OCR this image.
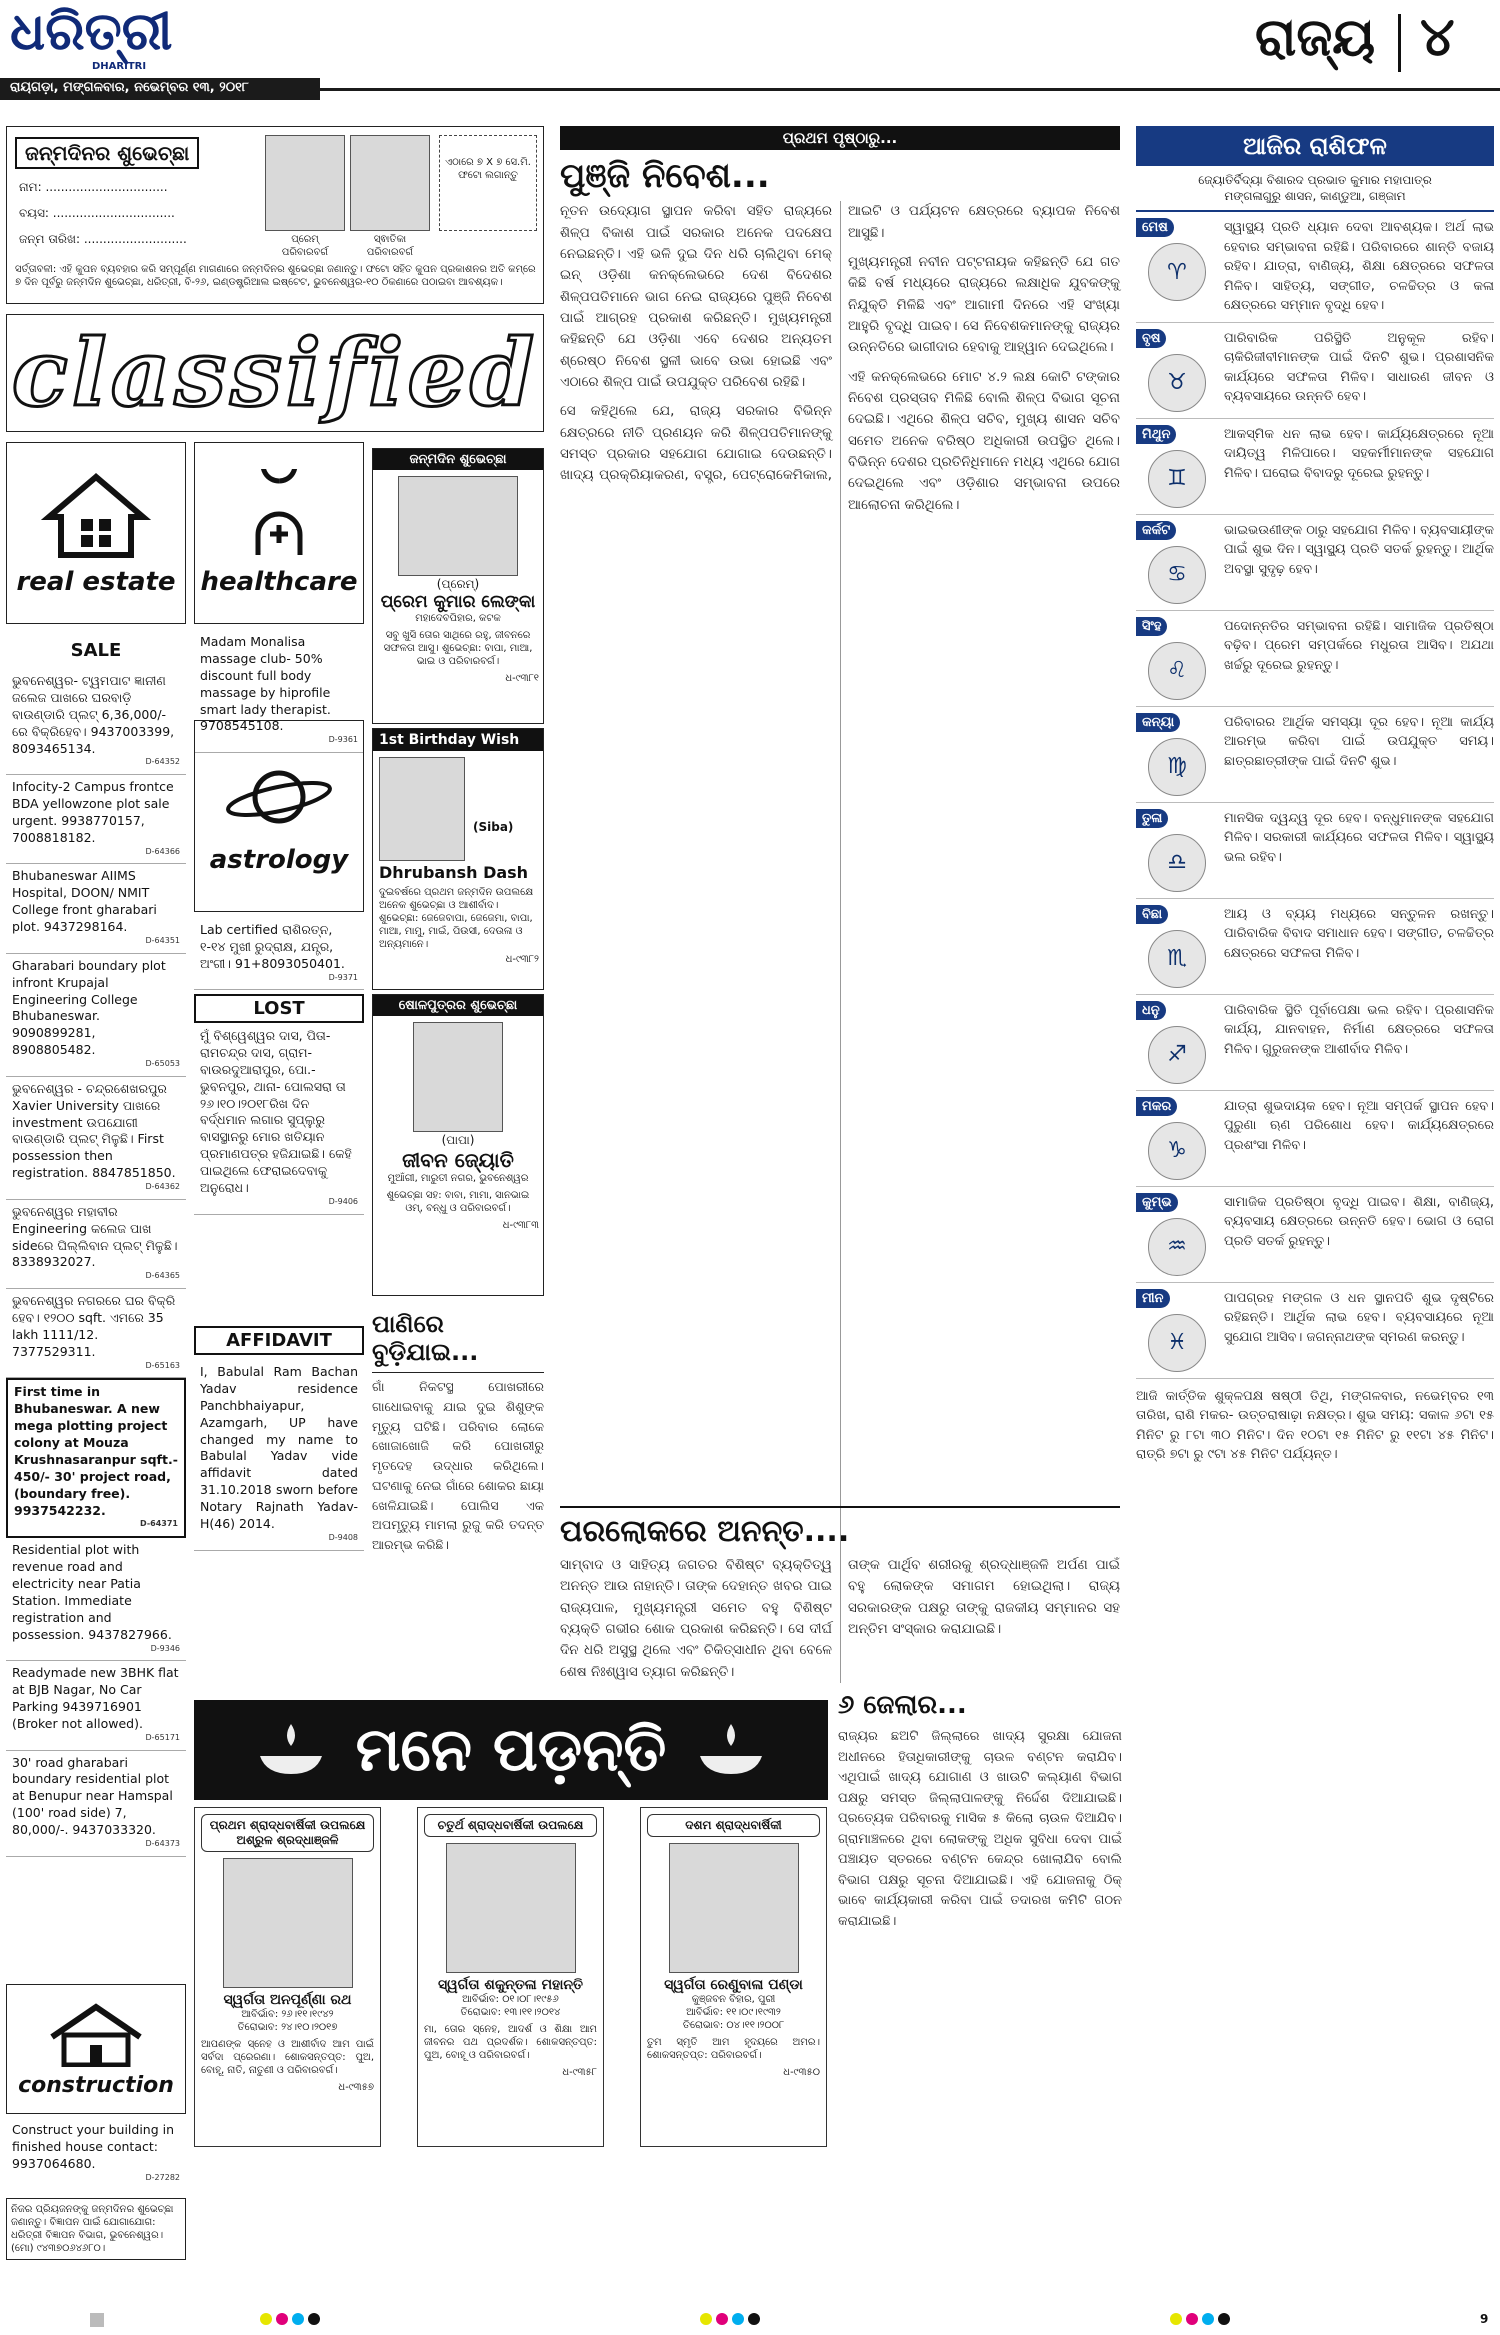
ଧରିତ୍ରୀ
DHARITRI
ରାୟଗଡ଼ା, ମଙ୍ଗଳବାର, ନଭେମ୍ବର ୧୩, ୨୦୧୮
ରାଜ୍ୟ ୪
ଜନ୍ମଦିନର ଶୁଭେଚ୍ଛା
ନାମ: ................................
ବୟସ: ................................
ଜନ୍ମ ତାରିଖ: ...........................	ପ୍ରେମ୍
ପରିବାରବର୍ଗ
ସ୍ଵାତିକା
ପରିବାରବର୍ଗ
ଏଠାରେ ୭ X ୭ ସେ.ମି. ଫଟୋ ଲଗାନ୍ତୁ
ସର୍ତ୍ତାବଳୀ: ଏହି କୁପନ ବ୍ୟବହାର କରି ସମ୍ପୂର୍ଣ୍ଣ ମାଗଣାରେ ଜନ୍ମଦିନର ଶୁଭେଚ୍ଛା ଜଣାନ୍ତୁ। ଫଟୋ ସହିତ କୁପନ ପ୍ରକାଶନର ଅତି କମ୍‌ରେ ୭ ଦିନ ପୂର୍ବରୁ ଜନ୍ମଦିନ ଶୁଭେଚ୍ଛା, ଧରିତ୍ରୀ, ବି-୨୬, ଇଣ୍ଡଷ୍ଟ୍ରିଆଲ ଇଷ୍ଟେଟ, ଭୁବନେଶ୍ୱର-୧୦ ଠିକଣାରେ ପଠାଇବା ଆବଶ୍ୟକ।
classified
real estate healthcare
SALE
ଭୁବନେଶ୍ୱର- ଟ୍ୱମପାଟ ଜ୍ଞାନୀଣ ଜଲେଜ ପାଖରେ ଘରବାଡ଼ି ବାଉଣ୍ଡାରି ପ୍ଲଟ୍ 6,36,000/-ରେ ବିକ୍ରିହେବ। 9437003399, 8093465134.
D-64352
Infocity-2 Campus frontce BDA yellowzone plot sale urgent. 9938770157, 7008818182.
D-64366
Bhubaneswar AIIMS Hospital, DOON/ NMIT College front gharabari plot. 9437298164.
D-64351
Gharabari boundary plot infront Krupajal Engineering College Bhubaneswar. 9090899281, 8908805482.
D-65053
ଭୁବନେଶ୍ୱର - ଚନ୍ଦ୍ରଶେଖରପୁର Xavier University ପାଖରେ investment ଉପଯୋଗୀ ବାଉଣ୍ଡାରି ପ୍ଲଟ୍ ମିଳୁଛି। First possession then registration. 8847851850.
D-64362
ଭୁବନେଶ୍ୱର ମହାବୀର Engineering କଲେଜ ପାଖ sideରେ ଘିଲ୍ଲିବାନ ପ୍ଲଟ୍ ମିଳୁଛି। 8338932027.
D-64365
ଭୁବନେଶ୍ୱର ନଗରରେ ଘର ବିକ୍ରି ହେବ। ୧୨୦୦ sqft. ଏମରେ 35 lakh 1111/12. 7377529311.
D-65163
First time in Bhubaneswar. A new mega plotting project colony at Mouza Krushnasaranpur sqft.- 450/- 30' project road, (boundary free). 9937542232.
D-64371
Residential plot with revenue road and electricity near Patia Station. Immediate registration and possession. 9437827966.
D-9346
Readymade new 3BHK flat at BJB Nagar, No Car Parking 9439716901 (Broker not allowed).
D-65171
30' road gharabari boundary residential plot at Benupur near Hamspal (100' road side) 7, 80,000/-. 9437033320.
D-64373
construction
Construct your building in finished house contact: 9937064680.
D-27282
ନିଜର ପ୍ରିୟଜନଙ୍କୁ ଜନ୍ମଦିନର ଶୁଭେଚ୍ଛା ଜଣାନ୍ତୁ। ବିଜ୍ଞାପନ ପାଇଁ ଯୋଗାଯୋଗ: ଧରିତ୍ରୀ ବିଜ୍ଞାପନ ବିଭାଗ, ଭୁବନେଶ୍ୱର। (ମୋ) ୯୪୩୭୦୬୪୬୮୦।
Madam Monalisa massage club- 50% discount full body massage by hiprofile smart lady therapist. 9708545108.
D-9361
astrology
Lab certified ରାଶିରତ୍ନ, ୧-୧୪ ମୁଖୀ ରୁଦ୍ରାକ୍ଷ, ଯନ୍ତ୍ର, ଅଂଗୀ। 91+8093050401.
D-9371
LOST
ମୁଁ ବିଶ୍ୱେଶ୍ୱର ଦାସ, ପିତା- ରାମଚନ୍ଦ୍ର ଦାସ, ଗ୍ରାମ- ବାଉରଦୁଆରାପୁର, ପୋ.- ଭୁବନପୁର, ଥାନା- ପୋଲସରା ତା ୨୬।୧୦।୨୦୧୮ରିଖ ଦିନ ବର୍ଦ୍ଧମାନ ଲଗାର ସୁପ୍ଲୁରୁ ବାସସ୍ଥାନରୁ ମୋର ଖତିୟାନ ପ୍ରମାଣପତ୍ର ହଜିଯାଇଛି। କେହି ପାଇଥିଲେ ଫେରାଇଦେବାକୁ ଅନୁରୋଧ।
D-9406
AFFIDAVIT
I, Babulal Ram Bachan Yadav residence Panchbhaiyapur, Azamgarh, UP have changed my name to Babulal Yadav vide affidavit dated 31.10.2018 sworn before Notary Rajnath Yadav- H(46) 2014.
D-9408
ଜନ୍ମଦିନ ଶୁଭେଚ୍ଛା
(ପ୍ରେମ୍)
ପ୍ରେମ କୁମାର ଲେଙ୍କା
ମହାଦେବପିହାର, କଟକ
ସବୁ ଖୁସି ତୋର ସାଥିରେ ରହୁ, ଜୀବନରେ ସଫଳତା ଆସୁ। ଶୁଭେଚ୍ଛା: ବାପା, ମାଆ, ଭାଇ ଓ ପରିବାରବର୍ଗ।
ଧ-୯୩୮୧
1st Birthday Wish
(Siba)
Dhrubansh Dash
ଦୁଇବର୍ଷରେ ପ୍ରଥମ ଜନ୍ମଦିନ ଉପଲକ୍ଷେ ଅନେକ ଶୁଭେଚ୍ଛା ଓ ଆଶୀର୍ବାଦ। ଶୁଭେଚ୍ଛା: ଜେଜେବାପା, ଜେଜେମା, ବାପା, ମାଆ, ମାମୁ, ମାଇଁ, ପିଉସୀ, ଦେଉଳା ଓ ଅନ୍ୟମାନେ।
ଧ-୯୩୮୨
ଷୋଳପୁତ୍ରର ଶୁଭେଚ୍ଛା
(ପାପା)
ଜୀବନ ଜ୍ୟୋତି
ମୁଆଁଗୀ, ମାରୁତୀ ନଗର, ଭୁବନେଶ୍ୱର
ଶୁଭେଚ୍ଛା ସହ: ବାବା, ମାମା, ସାନଭାଇ ଓମ୍, ବନ୍ଧୁ ଓ ପରିବାରବର୍ଗ।
ଧ-୯୩୮୩
ପାଣିରେ ବୁଡ଼ିଯାଇ...
ଗାଁ ନିକଟସ୍ଥ ପୋଖରୀରେ ଗାଧୋଇବାକୁ ଯାଇ ଦୁଇ ଶିଶୁଙ୍କ ମୃତ୍ୟୁ ଘଟିଛି। ପରିବାର ଲୋକେ ଖୋଜାଖୋଜି କରି ପୋଖରୀରୁ ମୃତଦେହ ଉଦ୍ଧାର କରିଥିଲେ। ଘଟଣାକୁ ନେଇ ଗାଁରେ ଶୋକର ଛାୟା ଖେଳିଯାଇଛି। ପୋଲିସ ଏକ ଅପମୃତ୍ୟୁ ମାମଲା ରୁଜୁ କରି ତଦନ୍ତ ଆରମ୍ଭ କରିଛି।
ପ୍ରଥମ ପୃଷ୍ଠାରୁ...
ପୁଞ୍ଜି ନିବେଶ...

ନୂତନ ଉଦ୍ୟୋଗ ସ୍ଥାପନ କରିବା ସହିତ ରାଜ୍ୟରେ ଶିଳ୍ପ ବିକାଶ ପାଇଁ ସରକାର ଅନେକ ପଦକ୍ଷେପ ନେଇଛନ୍ତି। ଏହି ଭଳି ଦୁଇ ଦିନ ଧରି ଚାଲିଥିବା ମେକ୍ ଇନ୍ ଓଡ଼ିଶା କନକ୍ଲେଭରେ ଦେଶ ବିଦେଶର ଶିଳ୍ପପତିମାନେ ଭାଗ ନେଇ ରାଜ୍ୟରେ ପୁଞ୍ଜି ନିବେଶ ପାଇଁ ଆଗ୍ରହ ପ୍ରକାଶ କରିଛନ୍ତି। ମୁଖ୍ୟମନ୍ତ୍ରୀ କହିଛନ୍ତି ଯେ ଓଡ଼ିଶା ଏବେ ଦେଶର ଅନ୍ୟତମ ଶ୍ରେଷ୍ଠ ନିବେଶ ସ୍ଥଳୀ ଭାବେ ଉଭା ହୋଇଛି ଏବଂ ଏଠାରେ ଶିଳ୍ପ ପାଇଁ ଉପଯୁକ୍ତ ପରିବେଶ ରହିଛି।

ସେ କହିଥିଲେ ଯେ, ରାଜ୍ୟ ସରକାର ବିଭିନ୍ନ କ୍ଷେତ୍ରରେ ନୀତି ପ୍ରଣୟନ କରି ଶିଳ୍ପପତିମାନଙ୍କୁ ସମସ୍ତ ପ୍ରକାର ସହଯୋଗ ଯୋଗାଇ ଦେଉଛନ୍ତି। ଖାଦ୍ୟ ପ୍ରକ୍ରିୟାକରଣ, ବସ୍ତ୍ର, ପେଟ୍ରୋକେମିକାଲ, ଆଇଟି ଓ ପର୍ଯ୍ୟଟନ କ୍ଷେତ୍ରରେ ବ୍ୟାପକ ନିବେଶ ଆସୁଛି।

ମୁଖ୍ୟମନ୍ତ୍ରୀ ନବୀନ ପଟ୍ଟନାୟକ କହିଛନ୍ତି ଯେ ଗତ କିଛି ବର୍ଷ ମଧ୍ୟରେ ରାଜ୍ୟରେ ଲକ୍ଷାଧିକ ଯୁବକଙ୍କୁ ନିଯୁକ୍ତି ମିଳିଛି ଏବଂ ଆଗାମୀ ଦିନରେ ଏହି ସଂଖ୍ୟା ଆହୁରି ବୃଦ୍ଧି ପାଇବ। ସେ ନିବେଶକମାନଙ୍କୁ ରାଜ୍ୟର ଉନ୍ନତିରେ ଭାଗୀଦାର ହେବାକୁ ଆହ୍ୱାନ ଦେଇଥିଲେ।

ଏହି କନକ୍ଲେଭରେ ମୋଟ ୪.୨ ଲକ୍ଷ କୋଟି ଟଙ୍କାର ନିବେଶ ପ୍ରସ୍ତାବ ମିଳିଛି ବୋଲି ଶିଳ୍ପ ବିଭାଗ ସୂଚନା ଦେଇଛି। ଏଥିରେ ଶିଳ୍ପ ସଚିବ, ମୁଖ୍ୟ ଶାସନ ସଚିବ ସମେତ ଅନେକ ବରିଷ୍ଠ ଅଧିକାରୀ ଉପସ୍ଥିତ ଥିଲେ। ବିଭିନ୍ନ ଦେଶର ପ୍ରତିନିଧିମାନେ ମଧ୍ୟ ଏଥିରେ ଯୋଗ ଦେଇଥିଲେ ଏବଂ ଓଡ଼ିଶାର ସମ୍ଭାବନା ଉପରେ ଆଲୋଚନା କରିଥିଲେ।

ପରଲୋକରେ ଅନନ୍ତ....

ସାମ୍ବାଦ ଓ ସାହିତ୍ୟ ଜଗତର ବିଶିଷ୍ଟ ବ୍ୟକ୍ତିତ୍ୱ ଅନନ୍ତ ଆଉ ନାହାନ୍ତି। ତାଙ୍କ ଦେହାନ୍ତ ଖବର ପାଇ ରାଜ୍ୟପାଳ, ମୁଖ୍ୟମନ୍ତ୍ରୀ ସମେତ ବହୁ ବିଶିଷ୍ଟ ବ୍ୟକ୍ତି ଗଭୀର ଶୋକ ପ୍ରକାଶ କରିଛନ୍ତି। ସେ ଦୀର୍ଘ ଦିନ ଧରି ଅସୁସ୍ଥ ଥିଲେ ଏବଂ ଚିକିତ୍ସାଧୀନ ଥିବା ବେଳେ ଶେଷ ନିଃଶ୍ୱାସ ତ୍ୟାଗ କରିଛନ୍ତି।

ତାଙ୍କ ପାର୍ଥିବ ଶରୀରକୁ ଶ୍ରଦ୍ଧାଞ୍ଜଳି ଅର୍ପଣ ପାଇଁ ବହୁ ଲୋକଙ୍କ ସମାଗମ ହୋଇଥିଲା। ରାଜ୍ୟ ସରକାରଙ୍କ ପକ୍ଷରୁ ତାଙ୍କୁ ରାଜକୀୟ ସମ୍ମାନର ସହ ଅନ୍ତିମ ସଂସ୍କାର କରାଯାଇଛି।

ମନେ ପଡ଼ନ୍ତି
ପ୍ରଥମ ଶ୍ରାଦ୍ଧବାର୍ଷିକୀ ଉପଲକ୍ଷେ ଅଶ୍ରୁଳ ଶ୍ରଦ୍ଧାଞ୍ଜଳି
ସ୍ୱର୍ଗତା ଅନପୂର୍ଣ୍ଣା ରଥ
ଆବିର୍ଭାବ: ୨୬।୧୧।୧୯୪୨
ତିରୋଭାବ: ୨୪।୧୦।୨୦୧୭
ଆପଣଙ୍କ ସ୍ନେହ ଓ ଆଶୀର୍ବାଦ ଆମ ପାଇଁ ସର୍ବଦା ପ୍ରେରଣା। ଶୋକସନ୍ତପ୍ତ: ପୁଅ, ବୋହୂ, ନାତି, ନାତୁଣୀ ଓ ପରିବାରବର୍ଗ।
ଧ-୯୩୫୭
ଚତୁର୍ଥ ଶ୍ରାଦ୍ଧବାର୍ଷିକୀ ଉପଲକ୍ଷେ
ସ୍ୱର୍ଗତା ଶକୁନ୍ତଳା ମହାନ୍ତି
ଆବିର୍ଭାବ: ୦୧।୦୮।୧୯୫୬
ତିରୋଭାବ: ୧୩।୧୧।୨୦୧୪
ମା, ତୋର ସ୍ନେହ, ଆଦର୍ଶ ଓ ଶିକ୍ଷା ଆମ ଜୀବନର ପଥ ପ୍ରଦର୍ଶକ। ଶୋକସନ୍ତପ୍ତ: ପୁଅ, ବୋହୂ ଓ ପରିବାରବର୍ଗ।
ଧ-୯୩୫୮
ଦଶମ ଶ୍ରାଦ୍ଧବାର୍ଷିକୀ
ସ୍ୱର୍ଗତା ରେଣୁବାଳା ପଣ୍ଡା
କୁଞ୍ଜବନ ବିହାର, ପୁରୀ
ଆବିର୍ଭାବ: ୧୧।୦୯।୧୯୩୨
ତିରୋଭାବ: ୦୪।୧୧।୨୦୦୮
ତୁମ ସ୍ମୃତି ଆମ ହୃଦୟରେ ଅମର। ଶୋକସନ୍ତପ୍ତ: ପରିବାରବର୍ଗ।
ଧ-୯୩୫୦
୬ ଜେଲାର...
ରାଜ୍ୟର ଛଅଟି ଜିଲ୍ଲାରେ ଖାଦ୍ୟ ସୁରକ୍ଷା ଯୋଜନା ଅଧୀନରେ ହିତାଧିକାରୀଙ୍କୁ ଚାଉଳ ବଣ୍ଟନ କରାଯିବ। ଏଥିପାଇଁ ଖାଦ୍ୟ ଯୋଗାଣ ଓ ଖାଉଟି କଲ୍ୟାଣ ବିଭାଗ ପକ୍ଷରୁ ସମସ୍ତ ଜିଲ୍ଲାପାଳଙ୍କୁ ନିର୍ଦ୍ଦେଶ ଦିଆଯାଇଛି। ପ୍ରତ୍ୟେକ ପରିବାରକୁ ମାସିକ ୫ କିଲୋ ଚାଉଳ ଦିଆଯିବ। ଗ୍ରାମାଞ୍ଚଳରେ ଥିବା ଲୋକଙ୍କୁ ଅଧିକ ସୁବିଧା ଦେବା ପାଇଁ ପଞ୍ଚାୟତ ସ୍ତରରେ ବଣ୍ଟନ କେନ୍ଦ୍ର ଖୋଲାଯିବ ବୋଲି ବିଭାଗ ପକ୍ଷରୁ ସୂଚନା ଦିଆଯାଇଛି। ଏହି ଯୋଜନାକୁ ଠିକ୍ ଭାବେ କାର୍ଯ୍ୟକାରୀ କରିବା ପାଇଁ ତଦାରଖ କମିଟି ଗଠନ କରାଯାଇଛି।
ଆଜିର ରାଶିଫଳ
ଜ୍ୟୋତିର୍ବିଦ୍ୟା ବିଶାରଦ ପ୍ରଭାତ କୁମାର ମହାପାତ୍ର
ମଙ୍ଗଳାଗୁରୁ ଶାସନ, କାଣ୍ଡୁଆ, ଗଞ୍ଜାମ
ମେଷ
♈
ସ୍ୱାସ୍ଥ୍ୟ ପ୍ରତି ଧ୍ୟାନ ଦେବା ଆବଶ୍ୟକ। ଅର୍ଥ ଲାଭ ହେବାର ସମ୍ଭାବନା ରହିଛି। ପରିବାରରେ ଶାନ୍ତି ବଜାୟ ରହିବ। ଯାତ୍ରା, ବାଣିଜ୍ୟ, ଶିକ୍ଷା କ୍ଷେତ୍ରରେ ସଫଳତା ମିଳିବ। ସାହିତ୍ୟ, ସଙ୍ଗୀତ, ଚଳଚ୍ଚିତ୍ର ଓ କଳା କ୍ଷେତ୍ରରେ ସମ୍ମାନ ବୃଦ୍ଧି ହେବ।
ବୃଷ
♉
ପାରିବାରିକ ପରିସ୍ଥିତି ଅନୁକୂଳ ରହିବ। ଚାକିରିଜୀବୀମାନଙ୍କ ପାଇଁ ଦିନଟି ଶୁଭ। ପ୍ରଶାସନିକ କାର୍ଯ୍ୟରେ ସଫଳତା ମିଳିବ। ସାଧାରଣ ଜୀବନ ଓ ବ୍ୟବସାୟରେ ଉନ୍ନତି ହେବ।
ମିଥୁନ
♊
ଆକସ୍ମିକ ଧନ ଲାଭ ହେବ। କାର୍ଯ୍ୟକ୍ଷେତ୍ରରେ ନୂଆ ଦାୟିତ୍ୱ ମିଳିପାରେ। ସହକର୍ମୀମାନଙ୍କ ସହଯୋଗ ମିଳିବ। ଘରୋଇ ବିବାଦରୁ ଦୂରେଇ ରୁହନ୍ତୁ।
କର୍କଟ
♋
ଭାଇଭଉଣୀଙ୍କ ଠାରୁ ସହଯୋଗ ମିଳିବ। ବ୍ୟବସାୟୀଙ୍କ ପାଇଁ ଶୁଭ ଦିନ। ସ୍ୱାସ୍ଥ୍ୟ ପ୍ରତି ସତର୍କ ରୁହନ୍ତୁ। ଆର୍ଥିକ ଅବସ୍ଥା ସୁଦୃଢ଼ ହେବ।
ସିଂହ
♌
ପଦୋନ୍ନତିର ସମ୍ଭାବନା ରହିଛି। ସାମାଜିକ ପ୍ରତିଷ୍ଠା ବଢ଼ିବ। ପ୍ରେମ ସମ୍ପର୍କରେ ମଧୁରତା ଆସିବ। ଅଯଥା ଖର୍ଚ୍ଚରୁ ଦୂରେଇ ରୁହନ୍ତୁ।
କନ୍ୟା
♍
ପରିବାରର ଆର୍ଥିକ ସମସ୍ୟା ଦୂର ହେବ। ନୂଆ କାର୍ଯ୍ୟ ଆରମ୍ଭ କରିବା ପାଇଁ ଉପଯୁକ୍ତ ସମୟ। ଛାତ୍ରଛାତ୍ରୀଙ୍କ ପାଇଁ ଦିନଟି ଶୁଭ।
ତୁଳା
♎
ମାନସିକ ଦ୍ୱନ୍ଦ୍ୱ ଦୂର ହେବ। ବନ୍ଧୁମାନଙ୍କ ସହଯୋଗ ମିଳିବ। ସରକାରୀ କାର୍ଯ୍ୟରେ ସଫଳତା ମିଳିବ। ସ୍ୱାସ୍ଥ୍ୟ ଭଲ ରହିବ।
ବିଛା
♏
ଆୟ ଓ ବ୍ୟୟ ମଧ୍ୟରେ ସନ୍ତୁଳନ ରଖନ୍ତୁ। ପାରିବାରିକ ବିବାଦ ସମାଧାନ ହେବ। ସଙ୍ଗୀତ, ଚଳଚ୍ଚିତ୍ର କ୍ଷେତ୍ରରେ ସଫଳତା ମିଳିବ।
ଧନୁ
♐
ପାରିବାରିକ ସ୍ଥିତି ପୂର୍ବାପେକ୍ଷା ଭଲ ରହିବ। ପ୍ରଶାସନିକ କାର୍ଯ୍ୟ, ଯାନବାହନ, ନିର୍ମାଣ କ୍ଷେତ୍ରରେ ସଫଳତା ମିଳିବ। ଗୁରୁଜନଙ୍କ ଆଶୀର୍ବାଦ ମିଳିବ।
ମକର
♑
ଯାତ୍ରା ଶୁଭଦାୟକ ହେବ। ନୂଆ ସମ୍ପର୍କ ସ୍ଥାପନ ହେବ। ପୁରୁଣା ଋଣ ପରିଶୋଧ ହେବ। କାର୍ଯ୍ୟକ୍ଷେତ୍ରରେ ପ୍ରଶଂସା ମିଳିବ।
କୁମ୍ଭ
♒
ସାମାଜିକ ପ୍ରତିଷ୍ଠା ବୃଦ୍ଧି ପାଇବ। ଶିକ୍ଷା, ବାଣିଜ୍ୟ, ବ୍ୟବସାୟ କ୍ଷେତ୍ରରେ ଉନ୍ନତି ହେବ। ଭୋଗ ଓ ରୋଗ ପ୍ରତି ସତର୍କ ରୁହନ୍ତୁ।
ମୀନ
♓
ପାପଗ୍ରହ ମଙ୍ଗଳ ଓ ଧନ ସ୍ଥାନପତି ଶୁଭ ଦୃଷ୍ଟିରେ ରହିଛନ୍ତି। ଆର୍ଥିକ ଲାଭ ହେବ। ବ୍ୟବସାୟରେ ନୂଆ ସୁଯୋଗ ଆସିବ। ଜଗନ୍ନାଥଙ୍କ ସ୍ମରଣ କରନ୍ତୁ।
ଆଜି କାର୍ତ୍ତିକ ଶୁକ୍ଳପକ୍ଷ ଷଷ୍ଠୀ ତିଥି, ମଙ୍ଗଳବାର, ନଭେମ୍ବର ୧୩ ତାରିଖ, ରାଶି ମକର- ଉତ୍ତରାଷାଢ଼ା ନକ୍ଷତ୍ର। ଶୁଭ ସମୟ: ସକାଳ ୬ଟା ୧୫ ମିନିଟ ରୁ ୮ଟା ୩୦ ମିନିଟ। ଦିନ ୧୦ଟା ୧୫ ମିନିଟ ରୁ ୧୧ଟା ୪୫ ମିନିଟ। ରାତ୍ରି ୭ଟା ରୁ ୯ଟା ୪୫ ମିନିଟ ପର୍ଯ୍ୟନ୍ତ।
9
